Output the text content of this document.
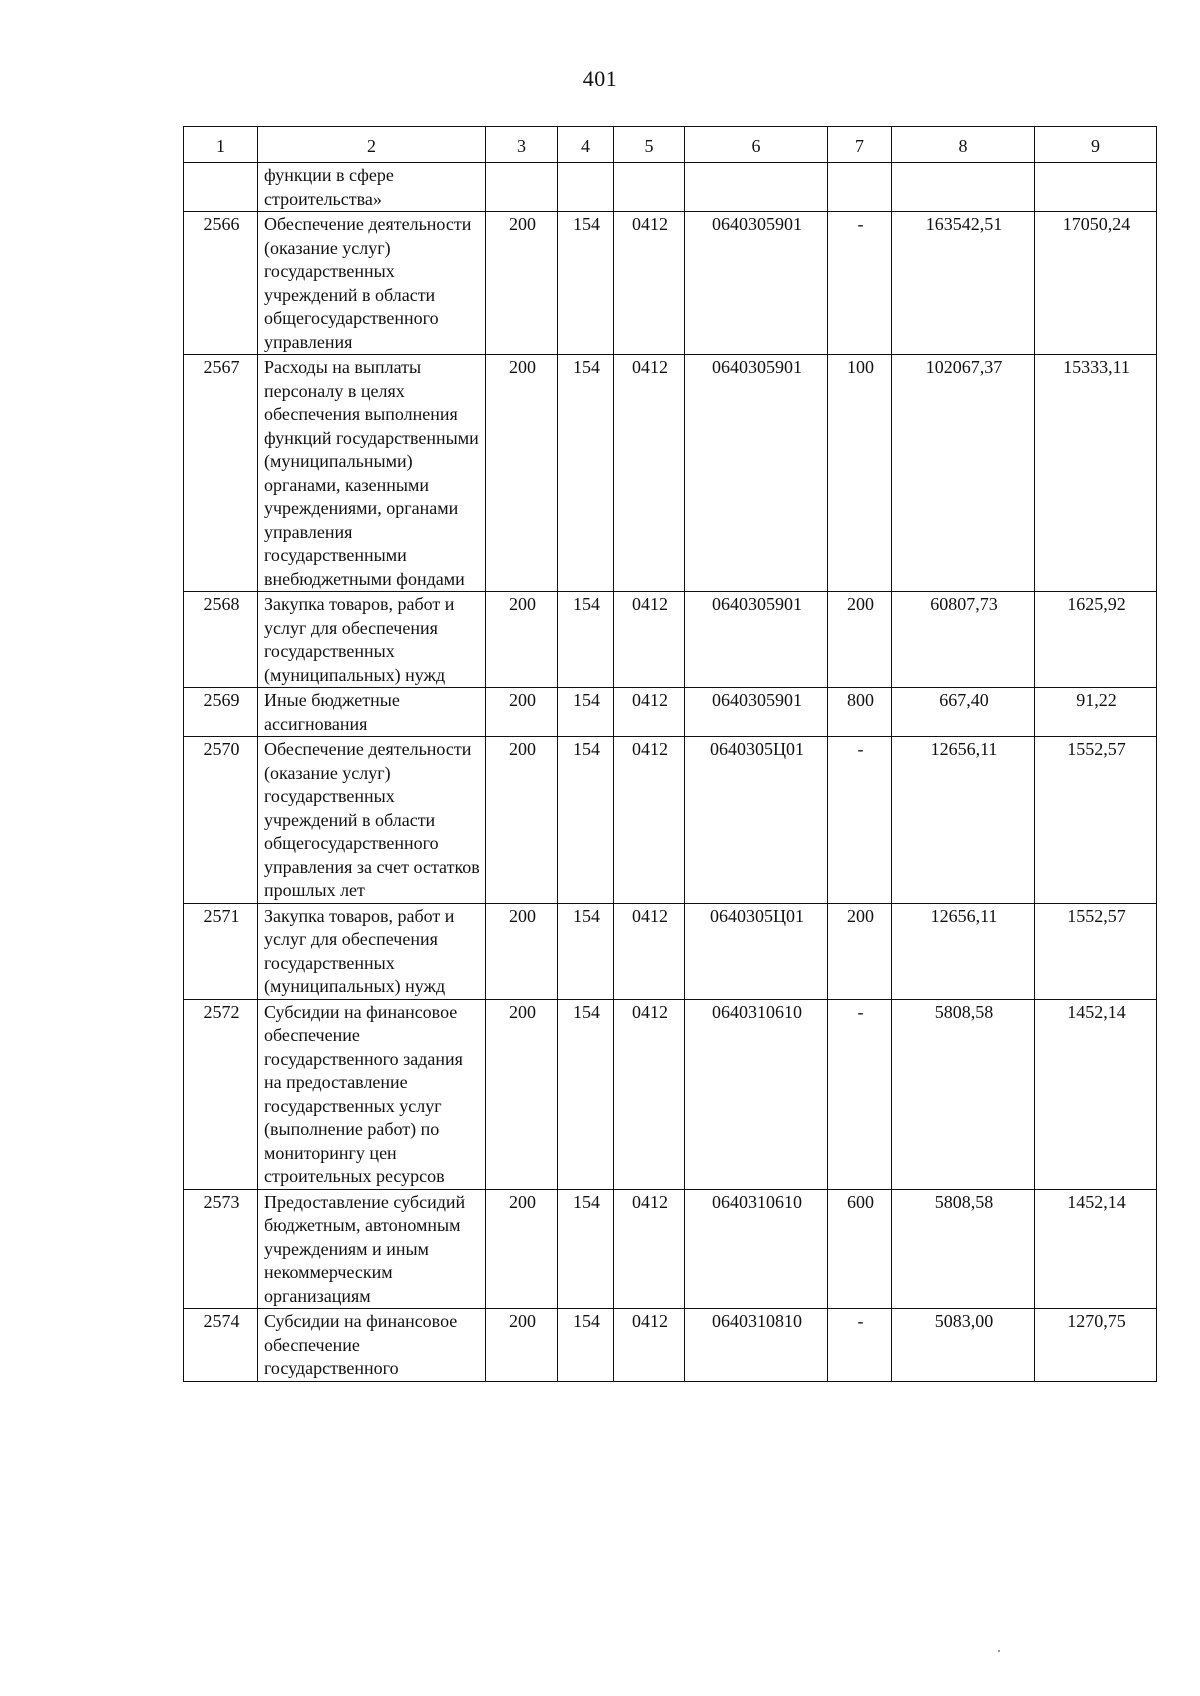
401
1	2	3	4	5	6	7	8	9
	функции в сфере строительства»							
2566	Обеспечение деятельности (оказание услуг) государственных учреждений в области общегосударственного управления	200	154	0412	0640305901	-	163542,51	17050,24
2567	Расходы на выплаты персоналу в целях обеспечения выполнения функций государственными (муниципальными) органами, казенными учреждениями, органами управления государственными внебюджетными фондами	200	154	0412	0640305901	100	102067,37	15333,11
2568	Закупка товаров, работ и услуг для обеспечения государственных (муниципальных) нужд	200	154	0412	0640305901	200	60807,73	1625,92
2569	Иные бюджетные ассигнования	200	154	0412	0640305901	800	667,40	91,22
2570	Обеспечение деятельности (оказание услуг) государственных учреждений в области общегосударственного управления за счет остатков прошлых лет	200	154	0412	0640305Ц01	-	12656,11	1552,57
2571	Закупка товаров, работ и услуг для обеспечения государственных (муниципальных) нужд	200	154	0412	0640305Ц01	200	12656,11	1552,57
2572	Субсидии на финансовое обеспечение государственного задания на предоставление государственных услуг (выполнение работ) по мониторингу цен строительных ресурсов	200	154	0412	0640310610	-	5808,58	1452,14
2573	Предоставление субсидий бюджетным, автономным учреждениям и иным некоммерческим организациям	200	154	0412	0640310610	600	5808,58	1452,14
2574	Субсидии на финансовое обеспечение государственного	200	154	0412	0640310810	-	5083,00	1270,75
